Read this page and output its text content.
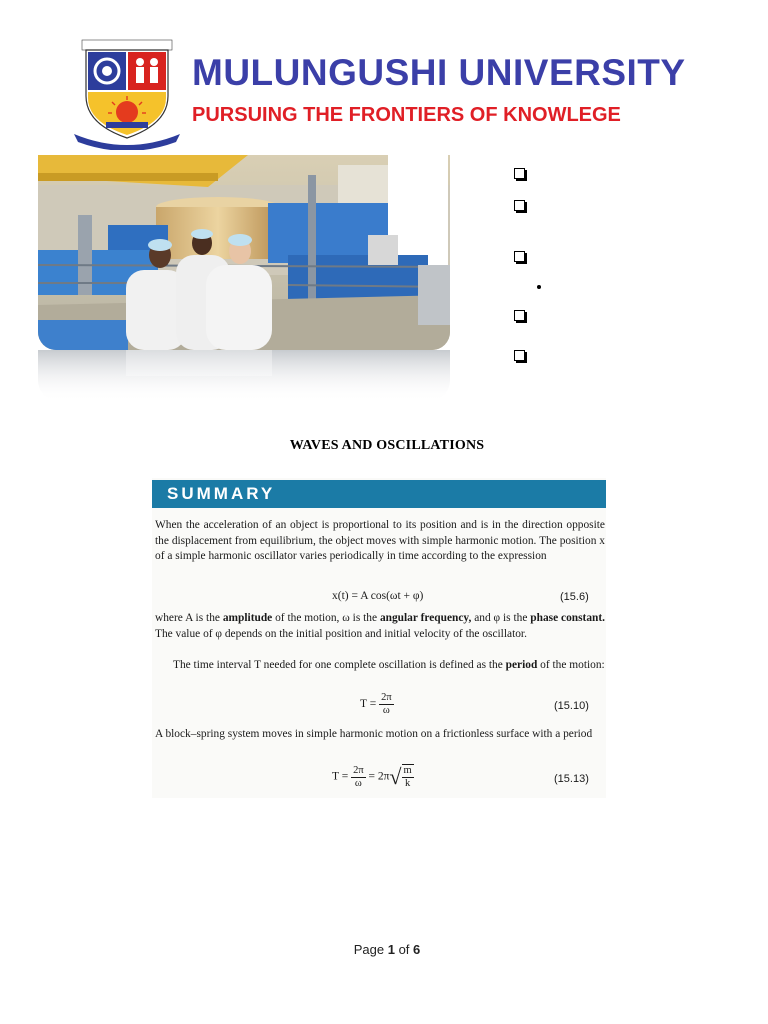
MULUNGUSHI UNIVERSITY
PURSUING THE FRONTIERS OF KNOWLEGE
WAVES AND OSCILLATIONS
SUMMARY
When the acceleration of an object is proportional to its position and is in the direction opposite the displacement from equilibrium, the object moves with simple harmonic motion. The position x of a simple harmonic oscillator varies periodically in time according to the expression
x(t) = A cos(ωt + φ)	(15.6)
where A is the amplitude of the motion, ω is the angular frequency, and φ is the phase constant. The value of φ depends on the initial position and initial velocity of the oscillator.
The time interval T needed for one complete oscillation is defined as the period of the motion:
$T = \frac{2\pi}{\omega}$	(15.10)
A block–spring system moves in simple harmonic motion on a frictionless surface with a period
$T = \frac{2\pi}{\omega} = 2\pi√ \frac{m}{k}$	(15.13)
Page 1 of 6
